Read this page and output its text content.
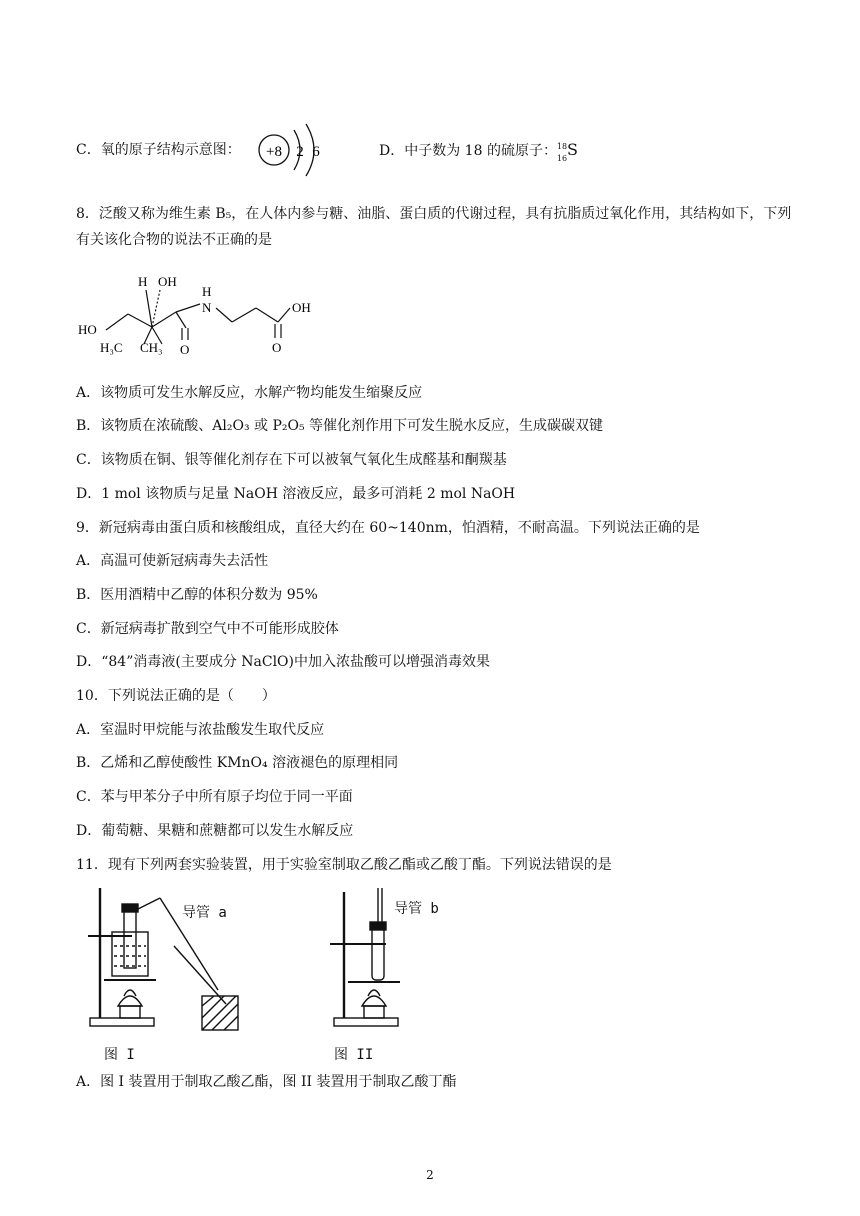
C．氧的原子结构示意图： +8 2 6	D．中子数为 18 的硫原子： 18
16 S
8．泛酸又称为维生素 B₅，在人体内参与糖、油脂、蛋白质的代谢过程，具有抗脂质过氧化作用，其结构如下，下列有关该化合物的说法不正确的是
H OH
H
N
HO
OH
O	O
H₃C CH₃
A．该物质可发生水解反应，水解产物均能发生缩聚反应
B．该物质在浓硫酸、Al₂O₃ 或 P₂O₅ 等催化剂作用下可发生脱水反应，生成碳碳双键
C．该物质在铜、银等催化剂存在下可以被氧气氧化生成醛基和酮羰基
D．1 mol 该物质与足量 NaOH 溶液反应，最多可消耗 2 mol NaOH
9．新冠病毒由蛋白质和核酸组成，直径大约在 60~140nm，怕酒精，不耐高温。下列说法正确的是
A．高温可使新冠病毒失去活性
B．医用酒精中乙醇的体积分数为 95%
C．新冠病毒扩散到空气中不可能形成胶体
D．“84”消毒液(主要成分 NaClO)中加入浓盐酸可以增强消毒效果
10．下列说法正确的是（　　）
A．室温时甲烷能与浓盐酸发生取代反应
B．乙烯和乙醇使酸性 KMnO₄ 溶液褪色的原理相同
C．苯与甲苯分子中所有原子均位于同一平面
D．葡萄糖、果糖和蔗糖都可以发生水解反应
11．现有下列两套实验装置，用于实验室制取乙酸乙酯或乙酸丁酯。下列说法错误的是
导管 a
图 I
导管 b
图 II
A．图 I 装置用于制取乙酸乙酯，图 II 装置用于制取乙酸丁酯
2
